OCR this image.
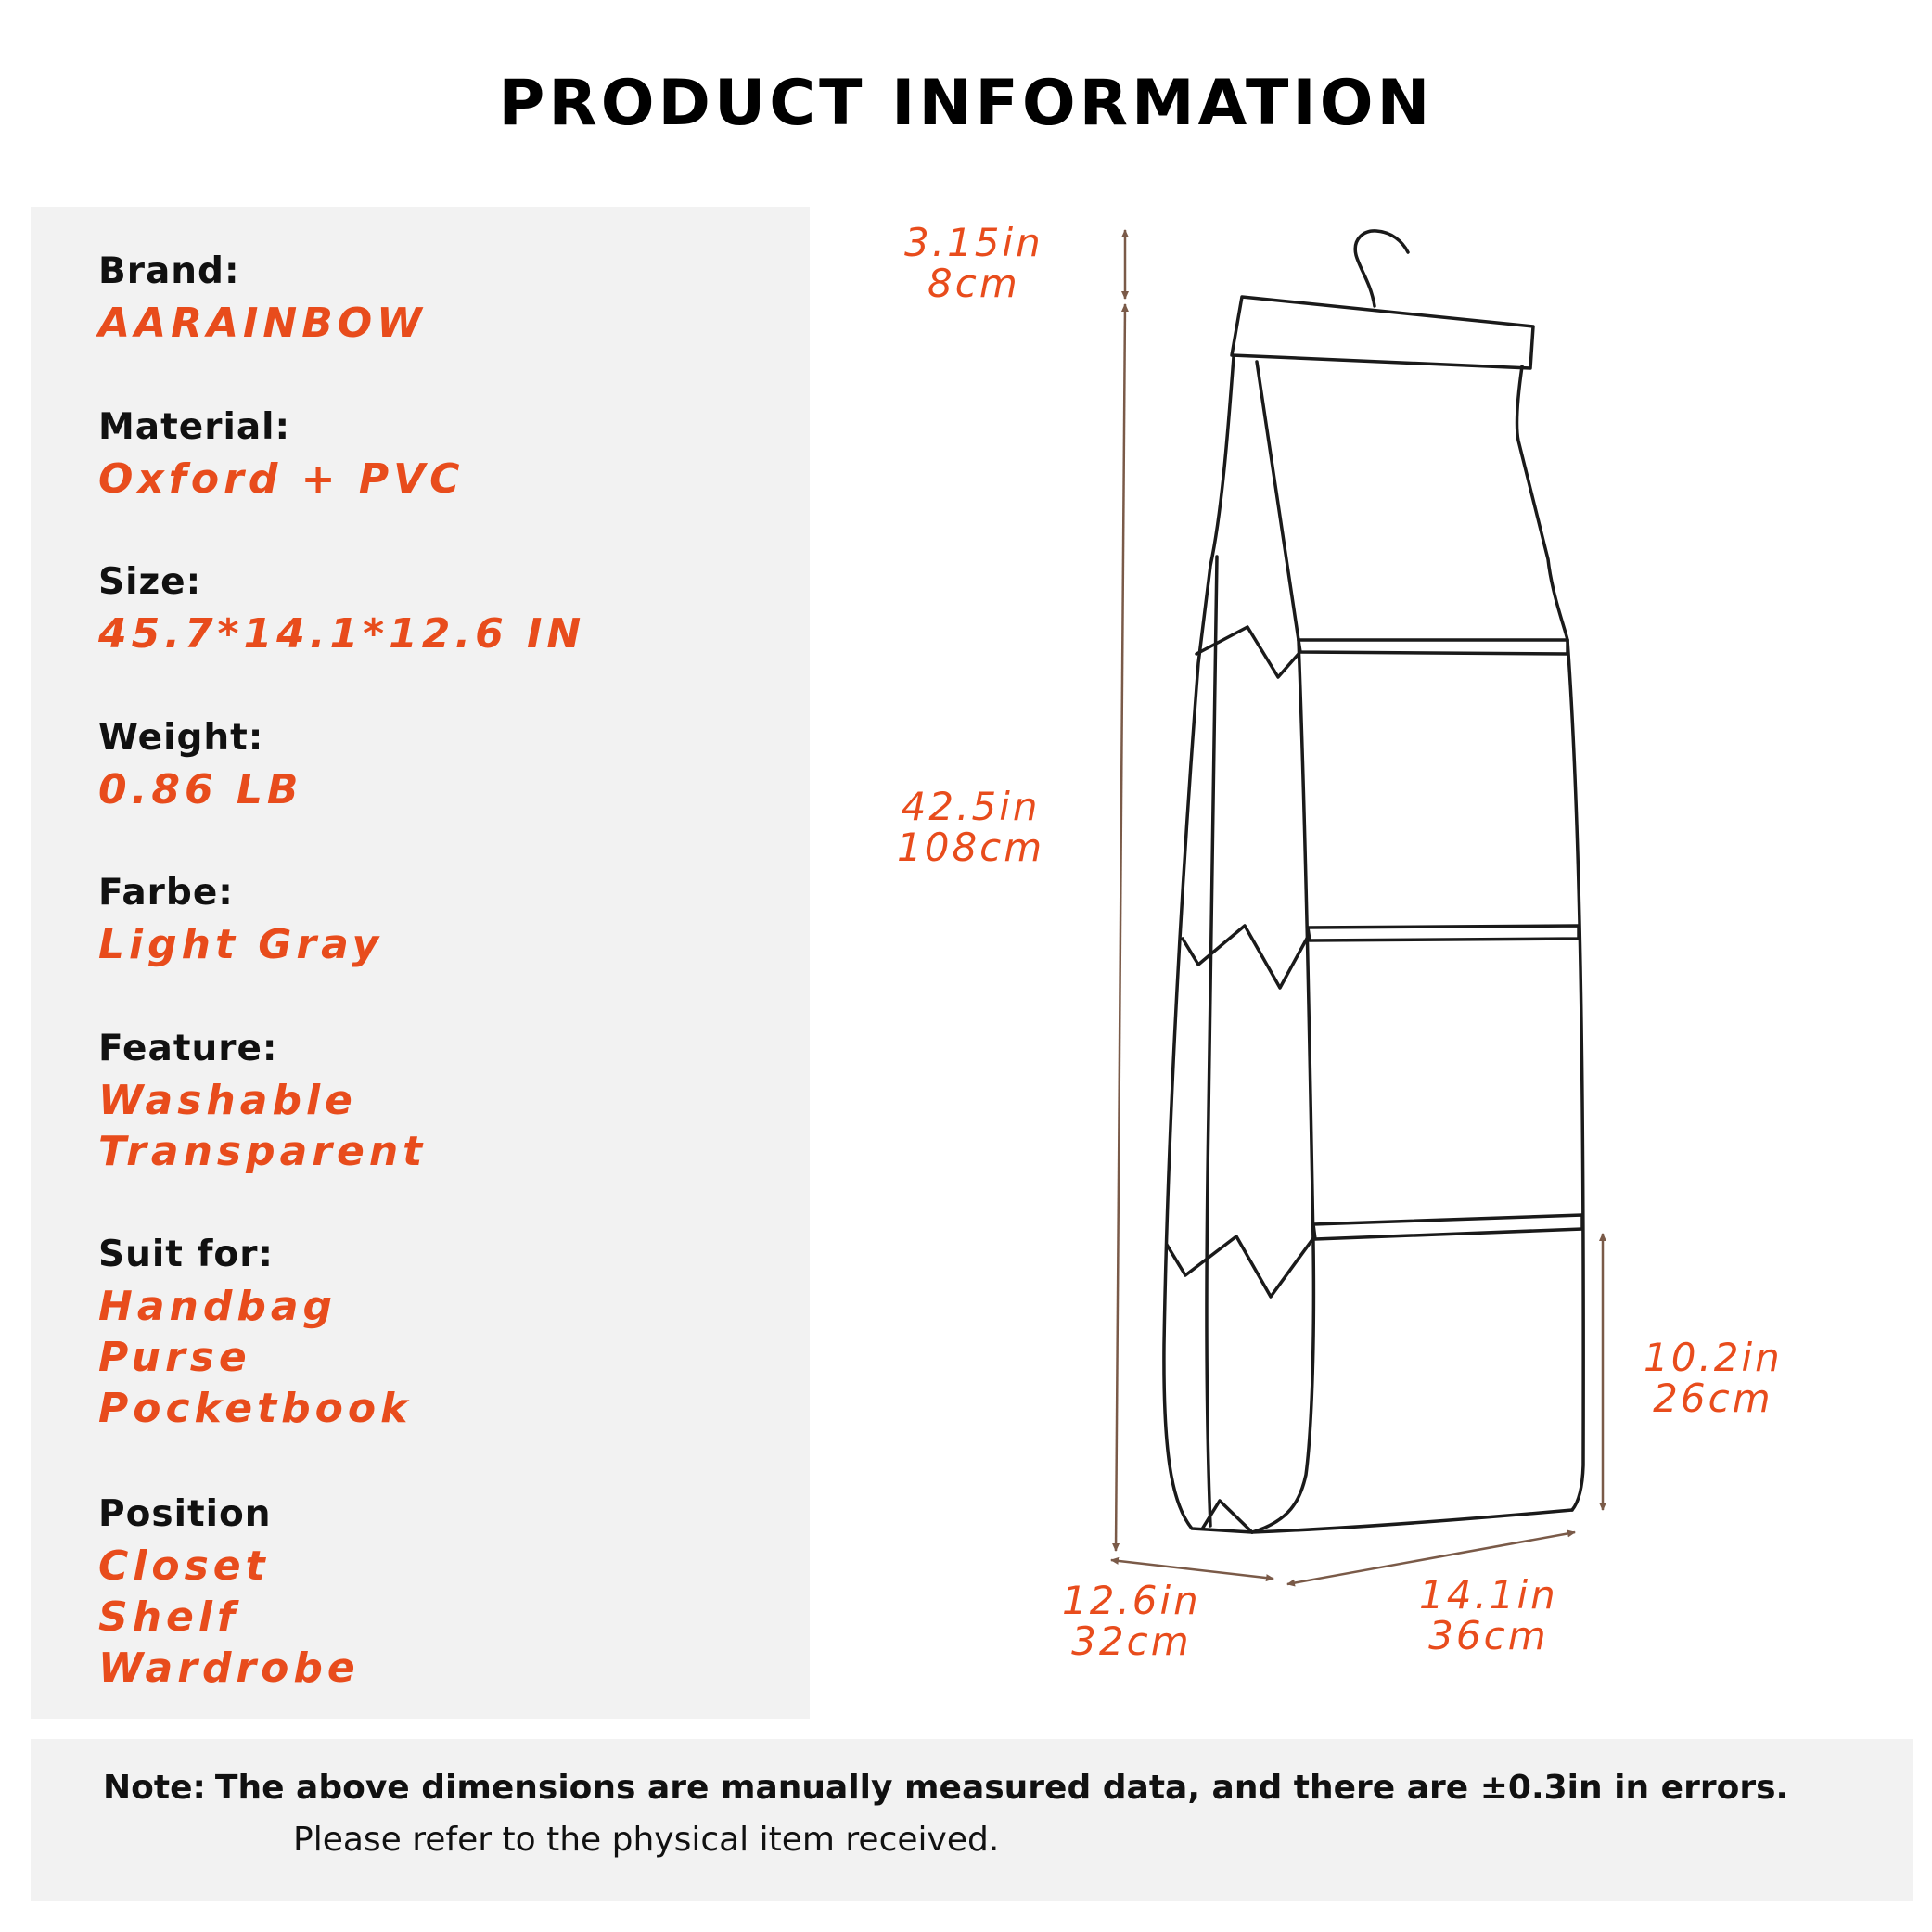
PRODUCT INFORMATION
Brand:
AARAINBOW
Material:
Oxford + PVC
Size:
45.7*14.1*12.6 IN
Weight:
0.86 LB
Farbe:
Light Gray
Feature:
Washable
Transparent
Suit for:
Handbag
Purse
Pocketbook
Position
Closet
Shelf
Wardrobe
3.15in
8cm
42.5in
108cm
10.2in
26cm
12.6in
32cm
14.1in
36cm
Note: The above dimensions are manually measured data, and there are ±0.3in in errors.
Please refer to the physical item received.
